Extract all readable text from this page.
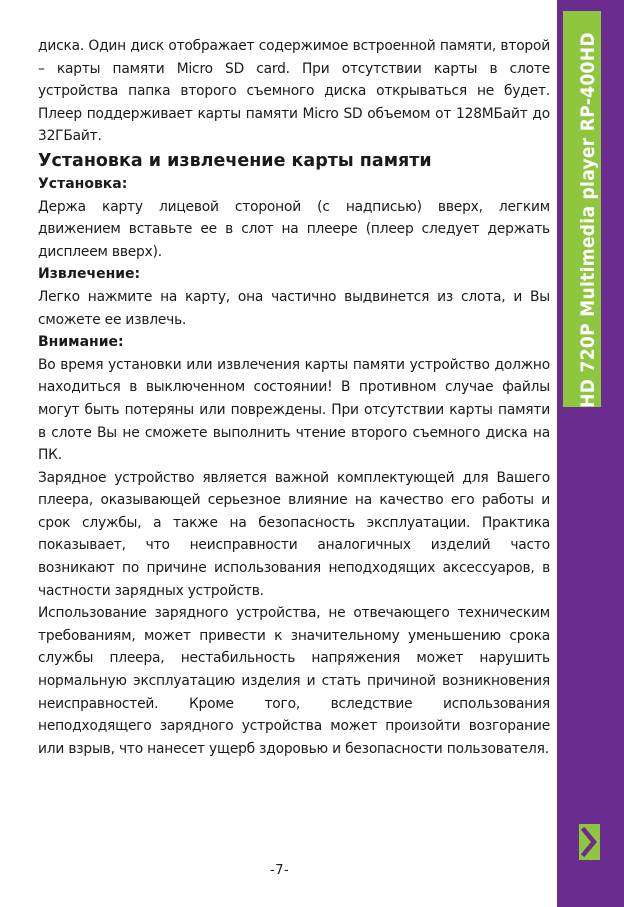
диска. Один диск отображает содержимое встроенной памяти, второй – карты памяти Micro SD card. При отсутствии карты в слоте устройства папка второго съемного диска открываться не будет. Плеер поддерживает карты памяти Micro SD объемом от 128МБайт до 32ГБайт.

Установка и извлечение карты памяти
Установка:

Держа карту лицевой стороной (с надписью) вверх, легким движением вставьте ее в слот на плеере (плеер следует держать дисплеем вверх).

Извлечение:

Легко нажмите на карту, она частично выдвинется из слота, и Вы сможете ее извлечь.

Внимание:

Во время установки или извлечения карты памяти устройство должно находиться в выключенном состоянии! В противном случае файлы могут быть потеряны или повреждены. При отсутствии карты памяти в слоте Вы не сможете выполнить чтение второго съемного диска на ПК.

Зарядное устройство является важной комплектующей для Вашего плеера, оказывающей серьезное влияние на качество его работы и срок службы, а также на безопасность эксплуатации. Практика показывает, что неисправности аналогичных изделий часто возникают по причине использования неподходящих аксессуаров, в частности зарядных устройств.

Использование зарядного устройства, не отвечающего техническим требованиям, может привести к значительному уменьшению срока службы плеера, нестабильность напряжения может нарушить нормальную эксплуатацию изделия и стать причиной возникновения неисправностей. Кроме того, вследствие использования неподходящего зарядного устройства может произойти возгорание или взрыв, что нанесет ущерб здоровью и безопасности пользователя.

-7-
HD 720P Multimedia player RP-400HD
